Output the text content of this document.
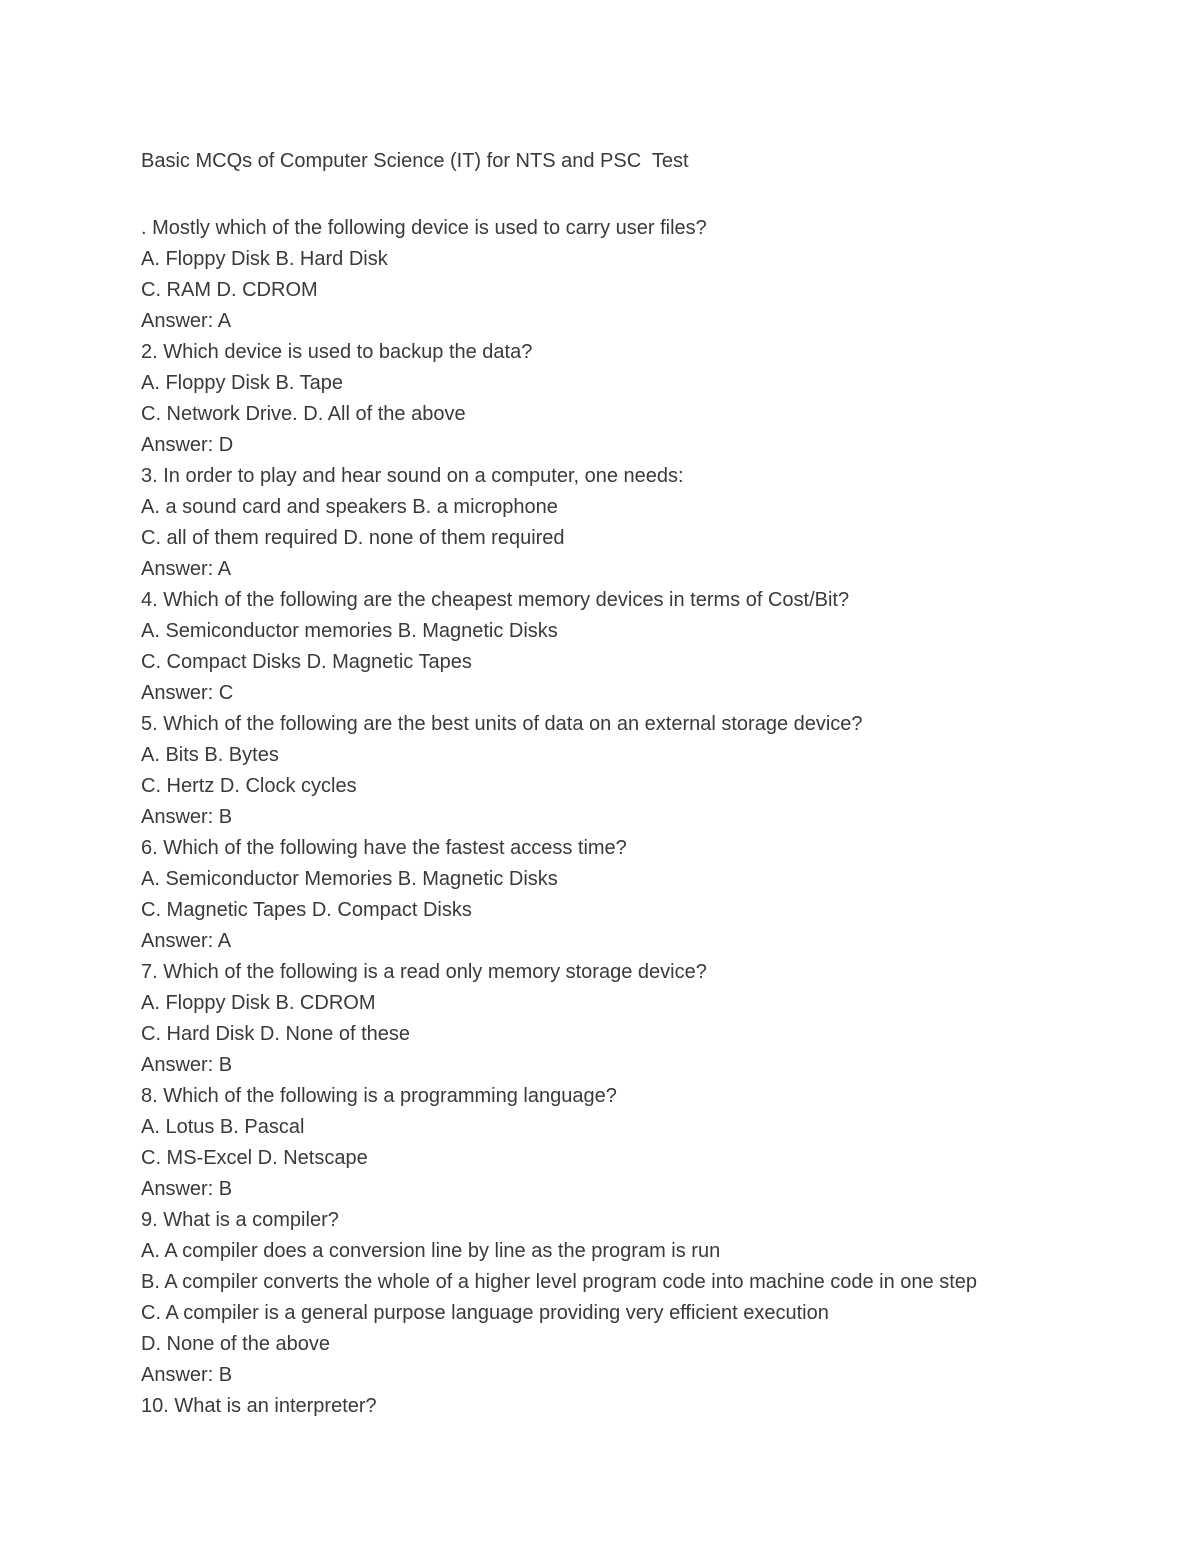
Basic MCQs of Computer Science (IT) for NTS and PSC  Test
. Mostly which of the following device is used to carry user files?
A. Floppy Disk B. Hard Disk
C. RAM D. CDROM
Answer: A
2. Which device is used to backup the data?
A. Floppy Disk B. Tape
C. Network Drive. D. All of the above
Answer: D
3. In order to play and hear sound on a computer, one needs:
A. a sound card and speakers B. a microphone
C. all of them required D. none of them required
Answer: A
4. Which of the following are the cheapest memory devices in terms of Cost/Bit?
A. Semiconductor memories B. Magnetic Disks
C. Compact Disks D. Magnetic Tapes
Answer: C
5. Which of the following are the best units of data on an external storage device?
A. Bits B. Bytes
C. Hertz D. Clock cycles
Answer: B
6. Which of the following have the fastest access time?
A. Semiconductor Memories B. Magnetic Disks
C. Magnetic Tapes D. Compact Disks
Answer: A
7. Which of the following is a read only memory storage device?
A. Floppy Disk B. CDROM
C. Hard Disk D. None of these
Answer: B
8. Which of the following is a programming language?
A. Lotus B. Pascal
C. MS-Excel D. Netscape
Answer: B
9. What is a compiler?
A. A compiler does a conversion line by line as the program is run
B. A compiler converts the whole of a higher level program code into machine code in one step
C. A compiler is a general purpose language providing very efficient execution
D. None of the above
Answer: B
10. What is an interpreter?
